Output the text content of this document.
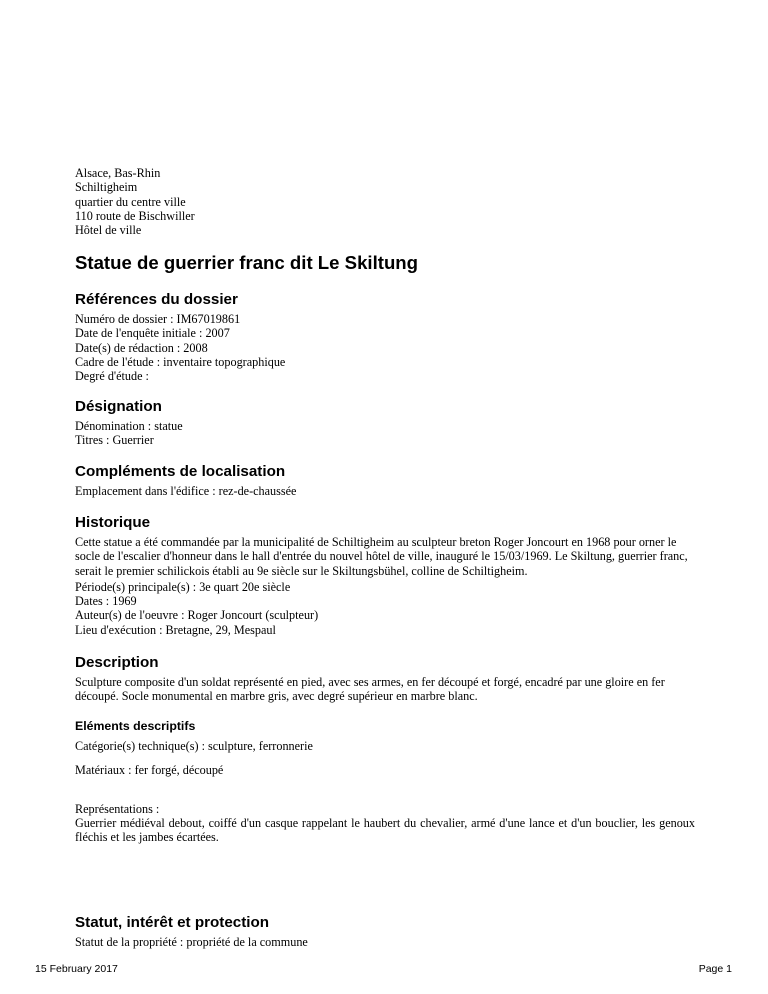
Alsace, Bas-Rhin
Schiltigheim
quartier du centre ville
110 route de Bischwiller
Hôtel de ville
Statue de guerrier franc dit Le Skiltung
Références du dossier
Numéro de dossier : IM67019861
Date de l'enquête initiale : 2007
Date(s) de rédaction : 2008
Cadre de l'étude : inventaire topographique
Degré d'étude :
Désignation
Dénomination : statue
Titres : Guerrier
Compléments de localisation
Emplacement dans l'édifice : rez-de-chaussée
Historique
Cette statue a été commandée par la municipalité de Schiltigheim au sculpteur breton Roger Joncourt en 1968 pour orner le socle de l'escalier d'honneur dans le hall d'entrée du nouvel hôtel de ville, inauguré le 15/03/1969. Le Skiltung, guerrier franc, serait le premier schilickois établi au 9e siècle sur le Skiltungsbühel, colline de Schiltigheim.
Période(s) principale(s) : 3e quart 20e siècle
Dates : 1969
Auteur(s) de l'oeuvre : Roger Joncourt (sculpteur)
Lieu d'exécution : Bretagne, 29, Mespaul
Description
Sculpture composite d'un soldat représenté en pied, avec ses armes, en fer découpé et forgé, encadré par une gloire en fer découpé. Socle monumental en marbre gris, avec degré supérieur en marbre blanc.
Eléments descriptifs
Catégorie(s) technique(s) : sculpture, ferronnerie
Matériaux : fer forgé, découpé
Représentations :
Guerrier médiéval debout, coiffé d'un casque rappelant le haubert du chevalier, armé d'une lance et d'un bouclier, les genoux fléchis et les jambes écartées.
Statut, intérêt et protection
Statut de la propriété : propriété de la commune
15 February 2017	Page 1
